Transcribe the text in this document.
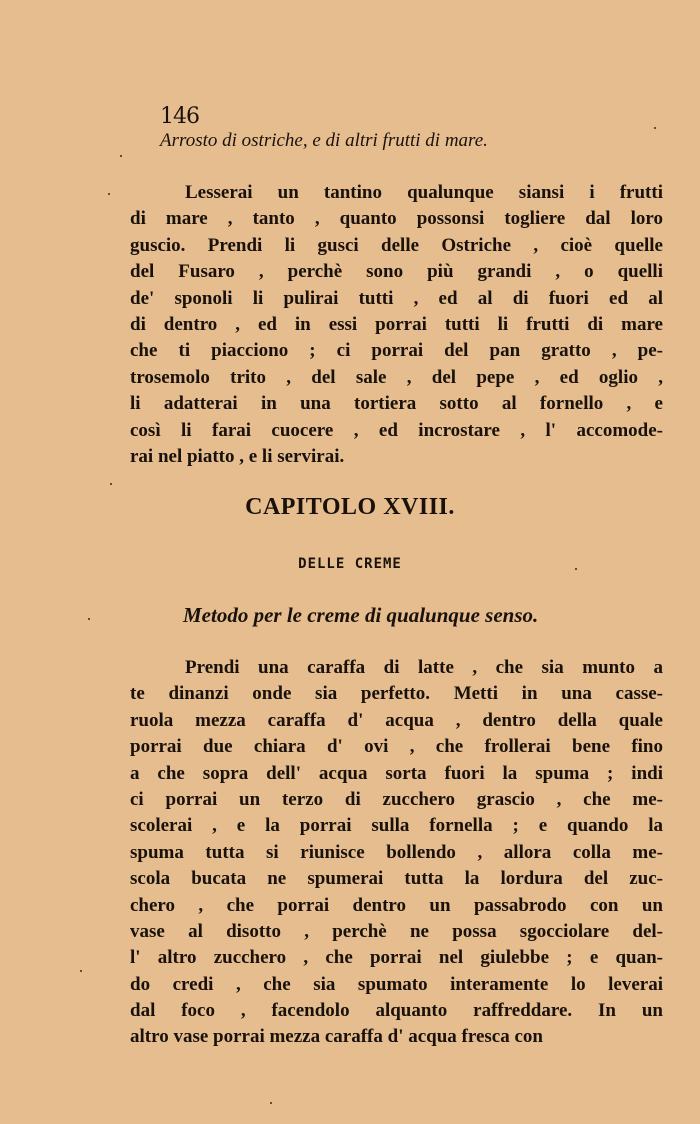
146
Arrosto di ostriche, e di altri frutti di mare.
Lesserai un tantino qualunque siansi i frutti
di mare , tanto , quanto possonsi togliere dal loro
guscio. Prendi li gusci delle Ostriche , cioè quelle
del Fusaro , perchè sono più grandi , o quelli
de' sponoli li pulirai tutti , ed al di fuori ed al
di dentro , ed in essi porrai tutti li frutti di mare
che ti piacciono ; ci porrai del pan gratto , pe-
trosemolo trito , del sale , del pepe , ed oglio ,
li adatterai in una tortiera sotto al fornello , e
così li farai cuocere , ed incrostare , l' accomode-
rai nel piatto , e li servirai.
CAPITOLO XVIII.
DELLE CREME
Metodo per le creme di qualunque senso.
Prendi una caraffa di latte , che sia munto a
te dinanzi onde sia perfetto. Metti in una casse-
ruola mezza caraffa d' acqua , dentro della quale
porrai due chiara d' ovi , che frollerai bene fino
a che sopra dell' acqua sorta fuori la spuma ; indi
ci porrai un terzo di zucchero grascio , che me-
scolerai , e la porrai sulla fornella ; e quando la
spuma tutta si riunisce bollendo , allora colla me-
scola bucata ne spumerai tutta la lordura del zuc-
chero , che porrai dentro un passabrodo con un
vase al disotto , perchè ne possa sgocciolare del-
l' altro zucchero , che porrai nel giulebbe ; e quan-
do credi , che sia spumato interamente lo leverai
dal foco , facendolo alquanto raffreddare. In un
altro vase porrai mezza caraffa d' acqua fresca con
